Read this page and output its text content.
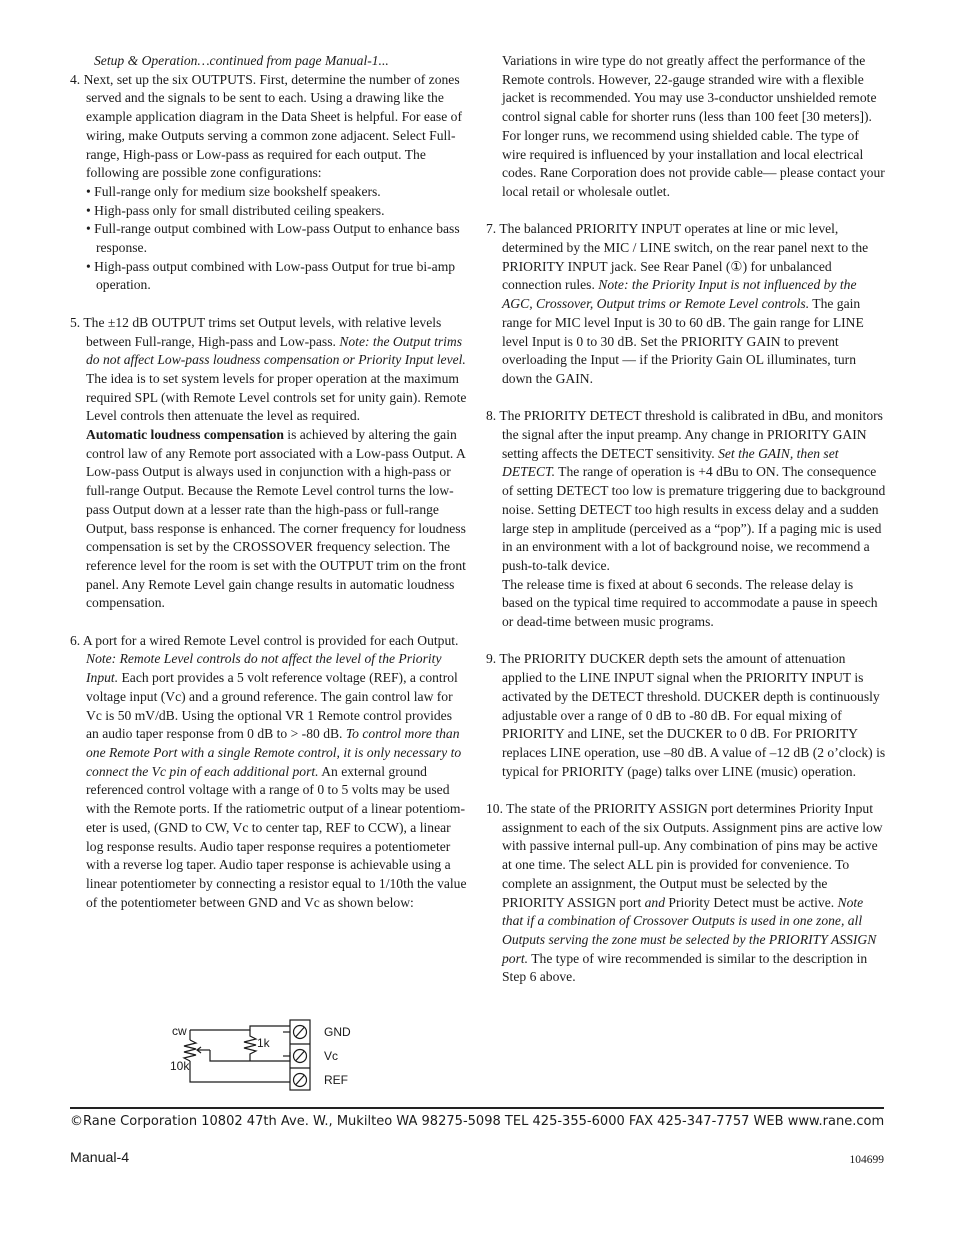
Setup & Operation…continued from page Manual-1...

4. Next, set up the six OUTPUTS. First, determine the number of zones served and the signals to be sent to each. Using a drawing like the example application diagram in the Data Sheet is helpful. For ease of wiring, make Outputs serving a common zone adjacent. Select Full-range, High-pass or Low-pass as required for each output. The following are possible zone configurations:

• Full-range only for medium size bookshelf speakers.
• High-pass only for small distributed ceiling speakers.
• Full-range output combined with Low-pass Output to enhance bass response.
• High-pass output combined with Low-pass Output for true bi-amp operation.

5. The ±12 dB OUTPUT trims set Output levels, with relative levels between Full-range, High-pass and Low-pass. Note: the Output trims do not affect Low-pass loudness compensation or Priority Input level. The idea is to set system levels for proper operation at the maximum required SPL (with Remote Level controls set for unity gain). Remote Level controls then attenuate the level as required.

Automatic loudness compensation is achieved by altering the gain control law of any Remote port associated with a Low-pass Output. A Low-pass Output is always used in conjunction with a high-pass or full-range Output. Because the Remote Level control turns the low-pass Output down at a lesser rate than the high-pass or full-range Output, bass response is enhanced. The corner frequency for loudness compensation is set by the CROSSOVER frequency selection. The reference level for the room is set with the OUTPUT trim on the front panel. Any Remote Level gain change results in automatic loudness compensation.

6. A port for a wired Remote Level control is provided for each Output. Note: Remote Level controls do not affect the level of the Priority Input. Each port provides a 5 volt reference voltage (REF), a control voltage input (Vc) and a ground reference. The gain control law for Vc is 50 mV/dB. Using the optional VR 1 Remote control provides an audio taper response from 0 dB to > -80 dB. To control more than one Remote Port with a single Remote control, it is only necessary to connect the Vc pin of each additional port. An external ground referenced control voltage with a range of 0 to 5 volts may be used with the Remote ports. If the ratiometric output of a linear potentiometer is used, (GND to CW, Vc to center tap, REF to CCW), a linear log response results. Audio taper response requires a potentiometer with a reverse log taper. Audio taper response is achievable using a linear potentiometer by connecting a resistor equal to 1/10th the value of the potentiometer between GND and Vc as shown below:

cw
1k
10k
GND
Vc
REF

Variations in wire type do not greatly affect the performance of the Remote controls. However, 22-gauge stranded wire with a flexible jacket is recommended. You may use 3-conductor unshielded remote control signal cable for shorter runs (less than 100 feet [30 meters]). For longer runs, we recommend using shielded cable. The type of wire required is influenced by your installation and local electrical codes. Rane Corporation does not provide cable— please contact your local retail or wholesale outlet.

7. The balanced PRIORITY INPUT operates at line or mic level, determined by the MIC / LINE switch, on the rear panel next to the PRIORITY INPUT jack. See Rear Panel (①) for unbalanced connection rules. Note: the Priority Input is not influenced by the AGC, Crossover, Output trims or Remote Level controls. The gain range for MIC level Input is 30 to 60 dB. The gain range for LINE level Input is 0 to 30 dB. Set the PRIORITY GAIN to prevent overloading the Input — if the Priority Gain OL illuminates, turn down the GAIN.

8. The PRIORITY DETECT threshold is calibrated in dBu, and monitors the signal after the input preamp. Any change in PRIORITY GAIN setting affects the DETECT sensitivity. Set the GAIN, then set DETECT. The range of operation is +4 dBu to ON. The consequence of setting DETECT too low is premature triggering due to background noise. Setting DETECT too high results in excess delay and a sudden large step in amplitude (perceived as a “pop”). If a paging mic is used in an environment with a lot of background noise, we recommend a push-to-talk device.

The release time is fixed at about 6 seconds. The release delay is based on the typical time required to accommodate a pause in speech or dead-time between music programs.

9. The PRIORITY DUCKER depth sets the amount of attenuation applied to the LINE INPUT signal when the PRIORITY INPUT is activated by the DETECT threshold. DUCKER depth is continuously adjustable over a range of 0 dB to -80 dB. For equal mixing of PRIORITY and LINE, set the DUCKER to 0 dB. For PRIORITY replaces LINE operation, use –80 dB. A value of –12 dB (2 o’clock) is typical for PRIORITY (page) talks over LINE (music) operation.

10. The state of the PRIORITY ASSIGN port determines Priority Input assignment to each of the six Outputs. Assignment pins are active low with passive internal pull-up. Any combination of pins may be active at one time. The select ALL pin is provided for convenience. To complete an assignment, the Output must be selected by the PRIORITY ASSIGN port and Priority Detect must be active. Note that if a combination of Crossover Outputs is used in one zone, all Outputs serving the zone must be selected by the PRIORITY ASSIGN port. The type of wire recommended is similar to the description in Step 6 above.

©Rane Corporation 10802 47th Ave. W., Mukilteo WA 98275-5098 TEL 425-355-6000 FAX 425-347-7757 WEB www.rane.com
Manual-4	104699
